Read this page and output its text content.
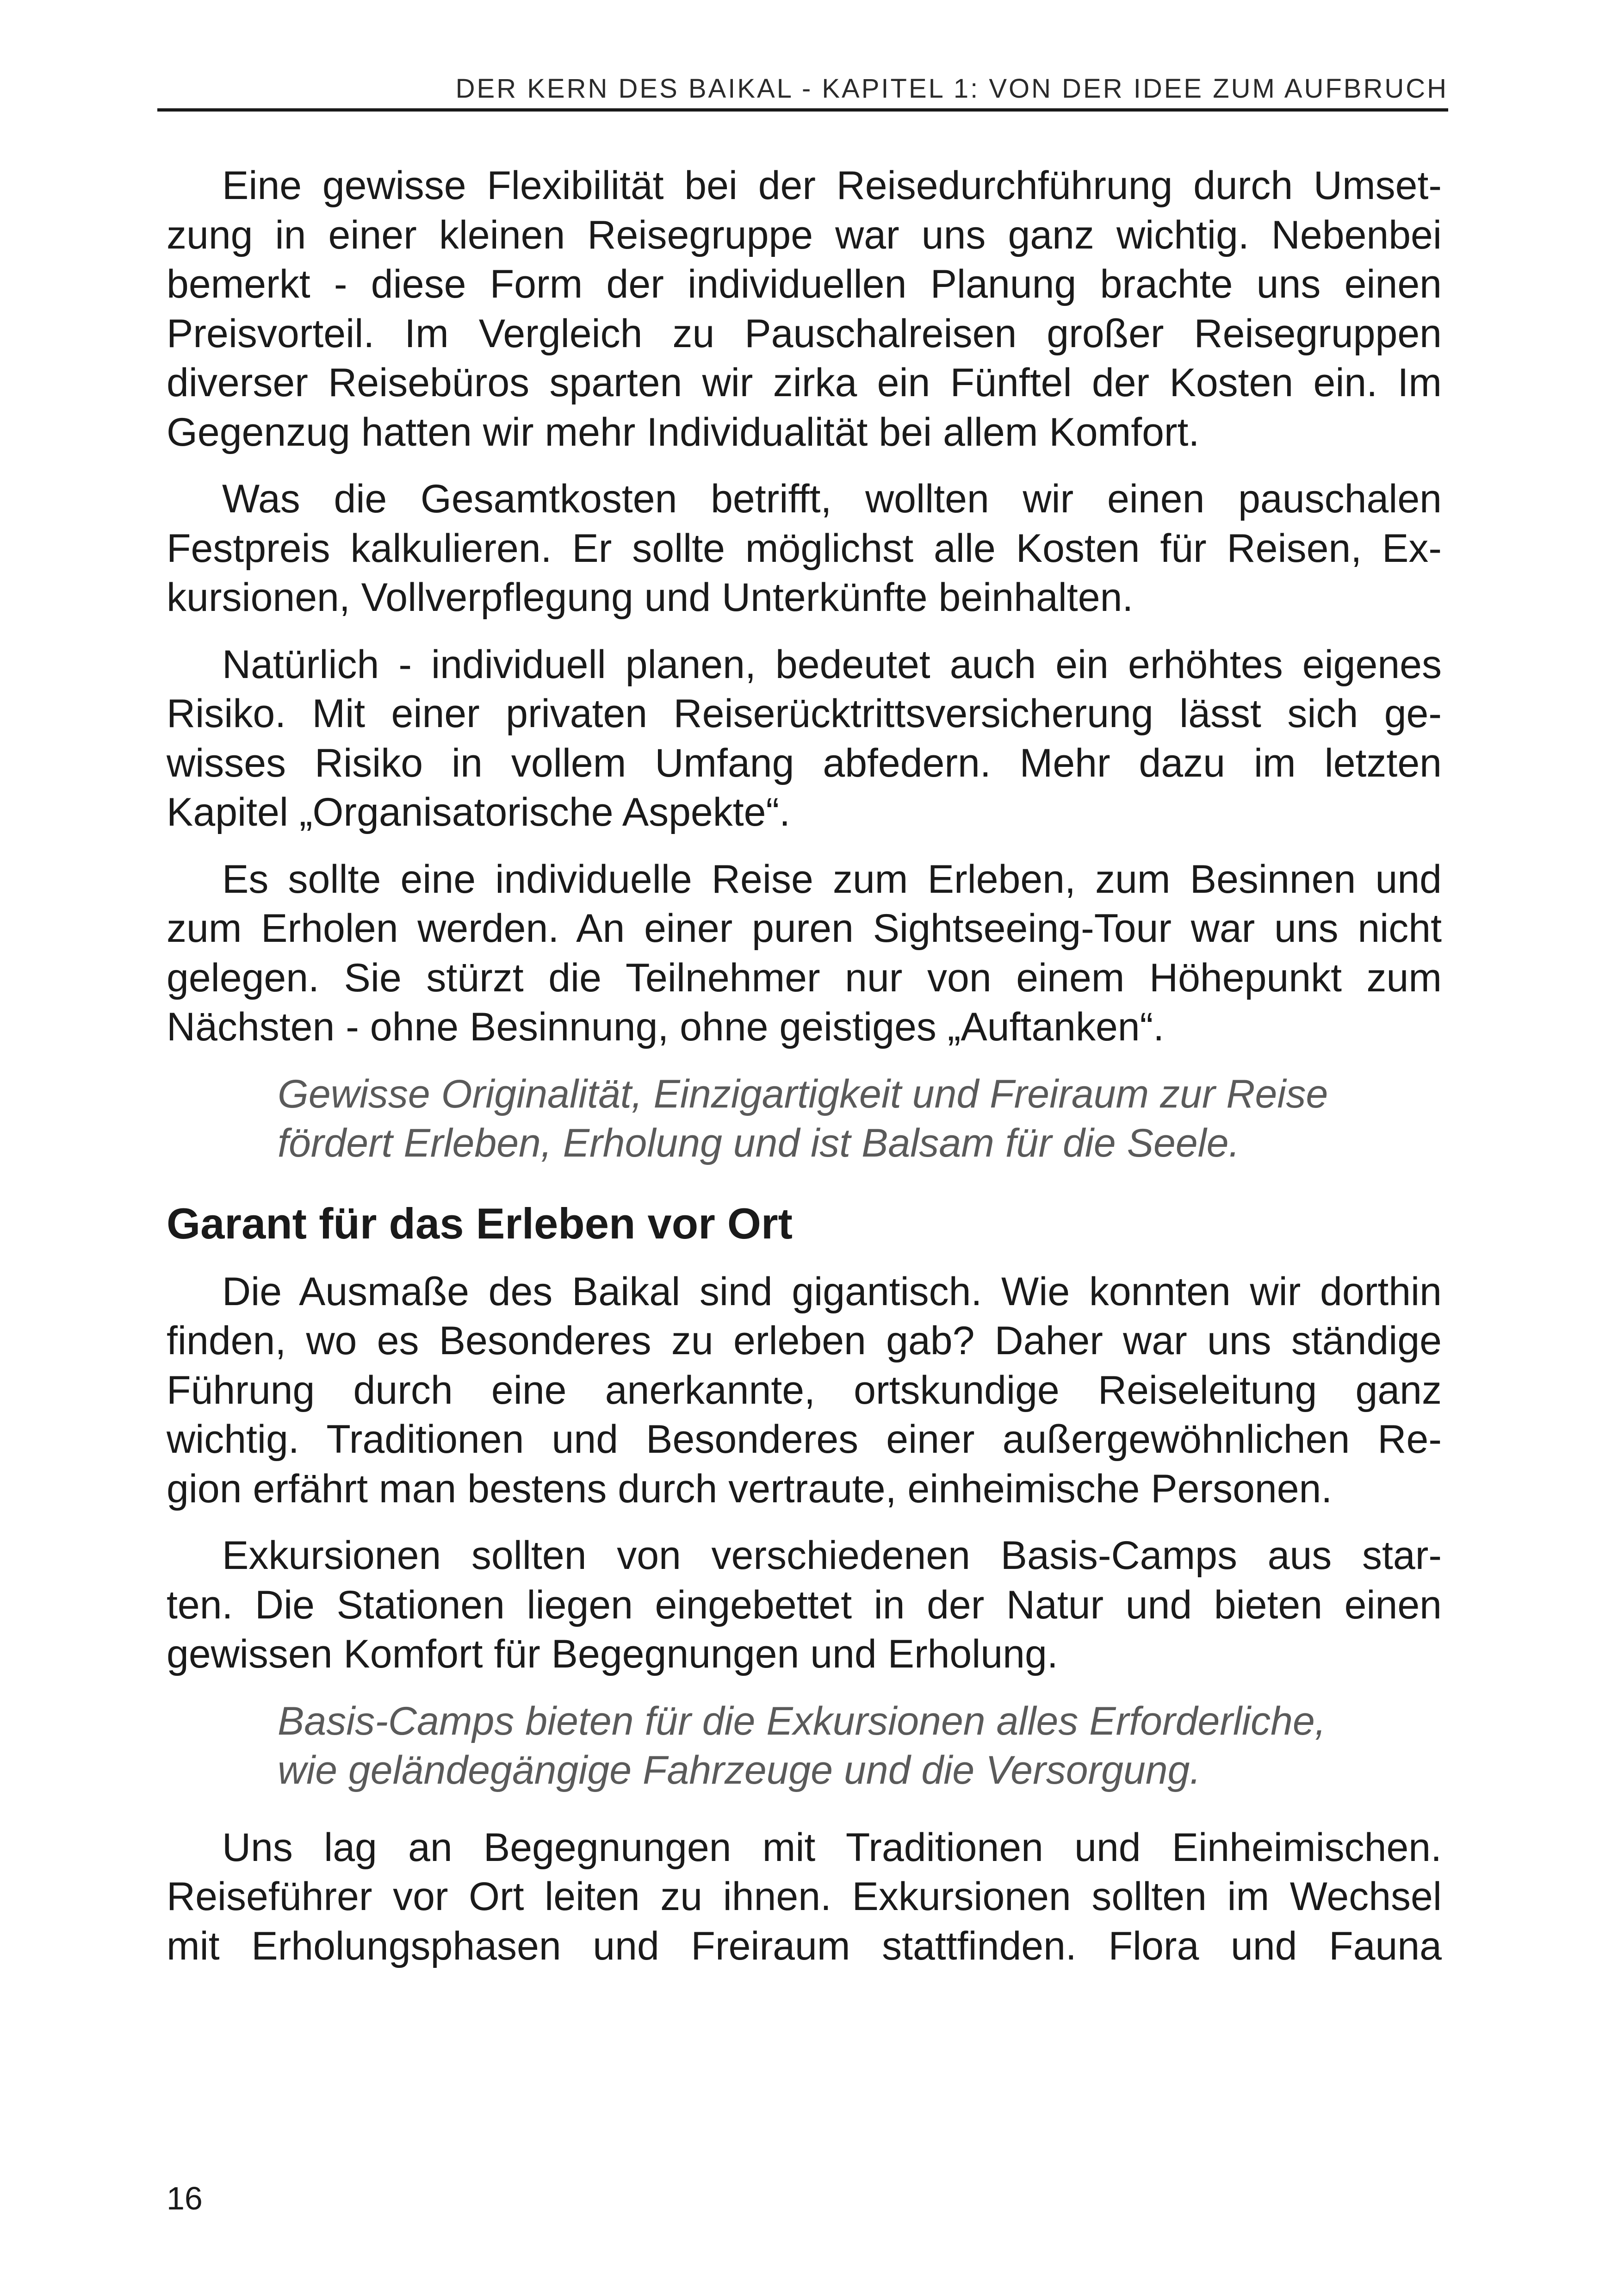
DER KERN DES BAIKAL - KAPITEL 1: VON DER IDEE ZUM AUFBRUCH

Eine gewisse Flexibilität bei der Reisedurchführung durch Umset-
zung in einer kleinen Reisegruppe war uns ganz wichtig. Nebenbei
bemerkt - diese Form der individuellen Planung brachte uns einen
Preisvorteil. Im Vergleich zu Pauschalreisen großer Reisegruppen
diverser Reisebüros sparten wir zirka ein Fünftel der Kosten ein. Im
Gegenzug hatten wir mehr Individualität bei allem Komfort.

Was die Gesamtkosten betrifft, wollten wir einen pauschalen
Festpreis kalkulieren. Er sollte möglichst alle Kosten für Reisen, Ex-
kursionen, Vollverpflegung und Unterkünfte beinhalten.

Natürlich - individuell planen, bedeutet auch ein erhöhtes eigenes
Risiko. Mit einer privaten Reiserücktrittsversicherung lässt sich ge-
wisses Risiko in vollem Umfang abfedern. Mehr dazu im letzten
Kapitel „Organisatorische Aspekte“.

Es sollte eine individuelle Reise zum Erleben, zum Besinnen und
zum Erholen werden. An einer puren Sightseeing-Tour war uns nicht
gelegen. Sie stürzt die Teilnehmer nur von einem Höhepunkt zum
Nächsten - ohne Besinnung, ohne geistiges „Auftanken“.

Gewisse Originalität, Einzigartigkeit und Freiraum zur Reise
fördert Erleben, Erholung und ist Balsam für die Seele.
Garant für das Erleben vor Ort

Die Ausmaße des Baikal sind gigantisch. Wie konnten wir dorthin
finden, wo es Besonderes zu erleben gab? Daher war uns ständige
Führung durch eine anerkannte, ortskundige Reiseleitung ganz
wichtig. Traditionen und Besonderes einer außergewöhnlichen Re-
gion erfährt man bestens durch vertraute, einheimische Personen.

Exkursionen sollten von verschiedenen Basis-Camps aus star-
ten. Die Stationen liegen eingebettet in der Natur und bieten einen
gewissen Komfort für Begegnungen und Erholung.

Basis-Camps bieten für die Exkursionen alles Erforderliche,
wie geländegängige Fahrzeuge und die Versorgung.

Uns lag an Begegnungen mit Traditionen und Einheimischen.
Reiseführer vor Ort leiten zu ihnen. Exkursionen sollten im Wechsel
mit Erholungsphasen und Freiraum stattfinden. Flora und Fauna

16
